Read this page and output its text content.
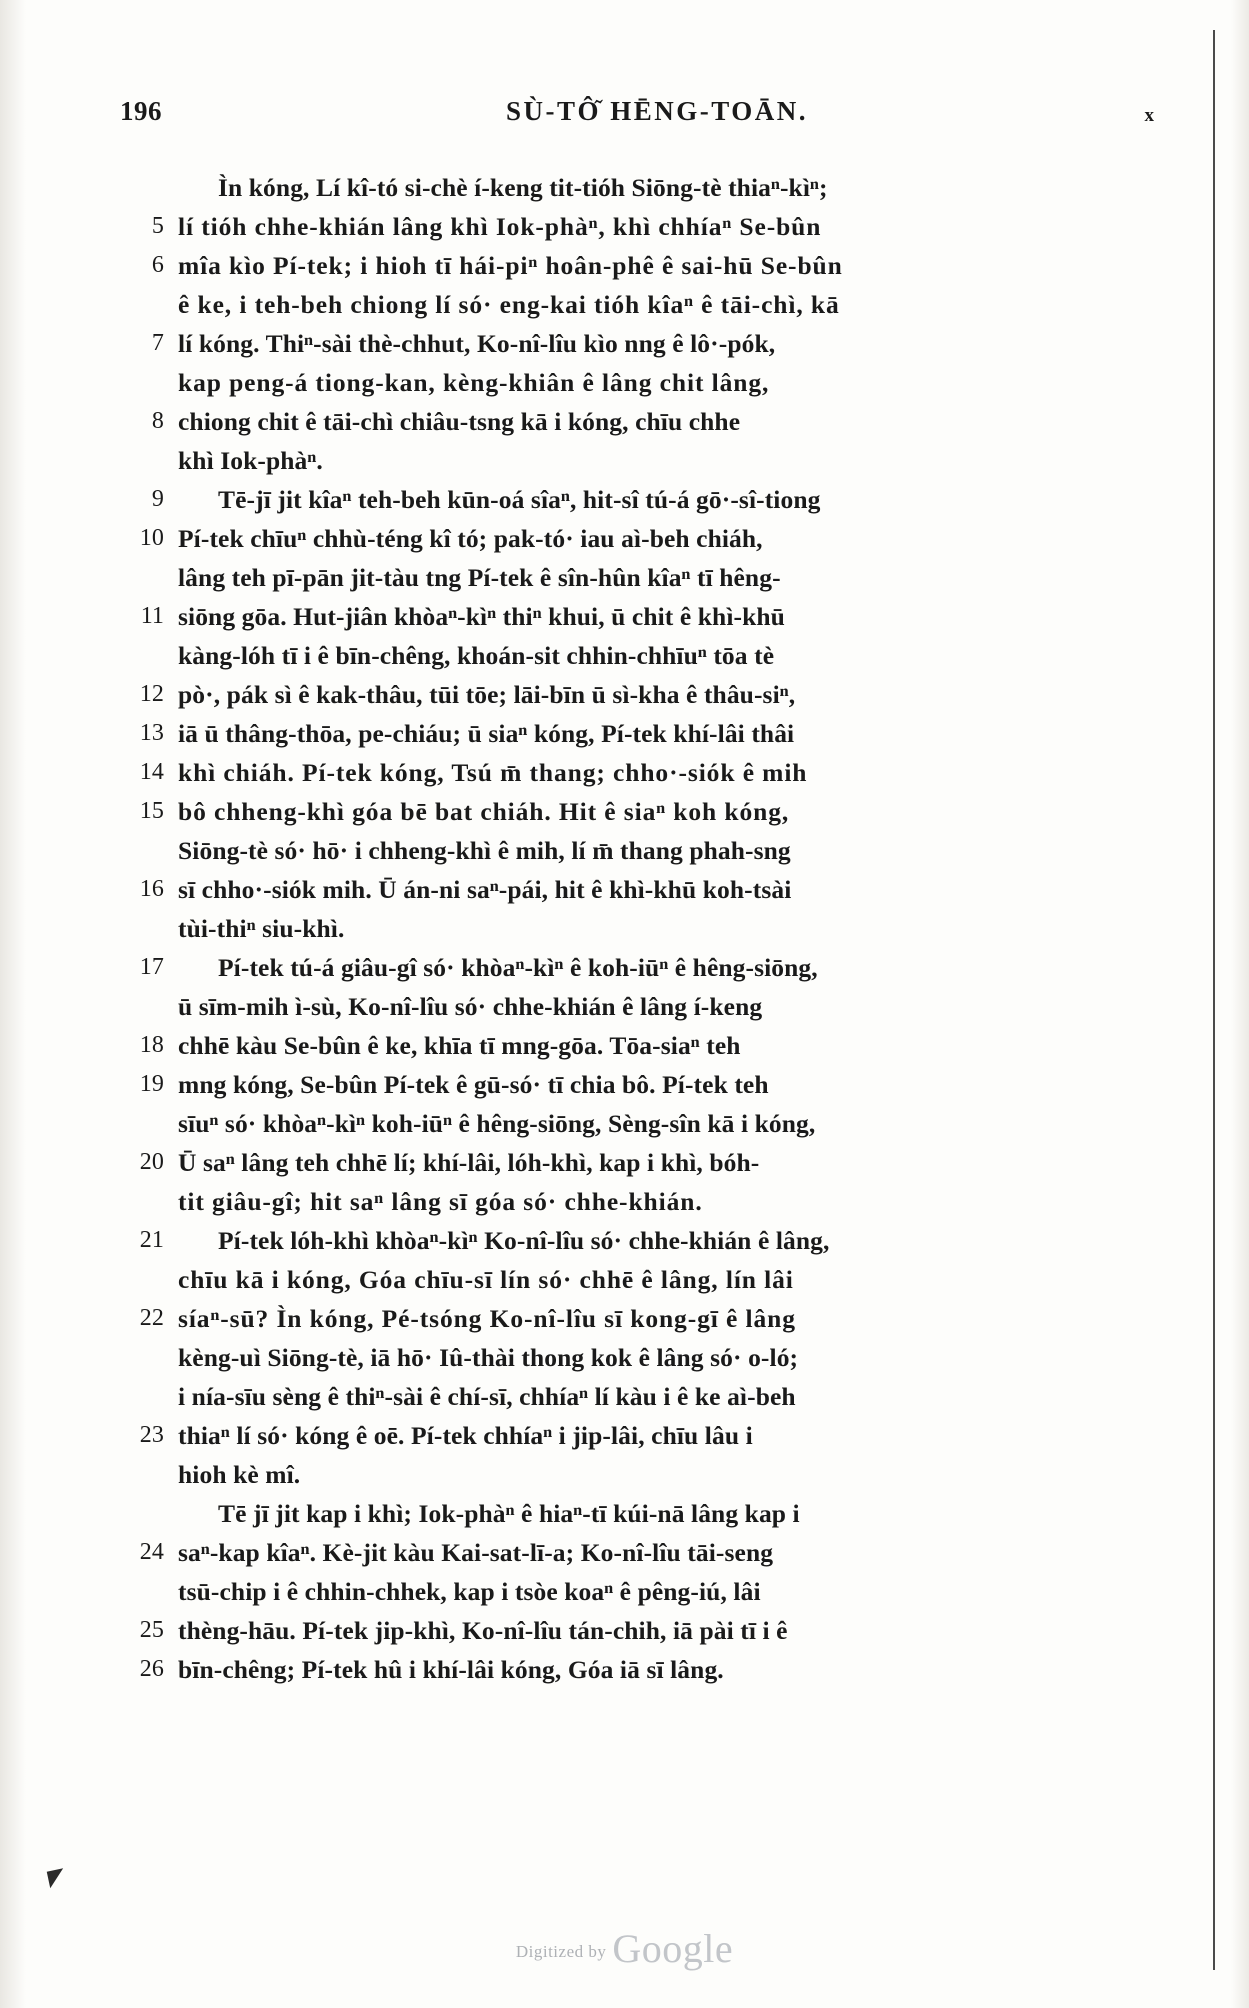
196	SÙ-TÔ᷉ HĒNG-TOĀN.	x
Ìn kóng, Lí kî-tó si-chè í-keng tit-tióh Siōng-tè thiaⁿ-kìⁿ;
5 lí tióh chhe-khián lâng khì Iok-phàⁿ, khì chhíaⁿ Se-bûn
6 mîa kìo Pí-tek; i hioh tī hái-piⁿ hoân-phê ê sai-hū Se-bûn
ê ke, i teh-beh chiong lí só· eng-kai tióh kîaⁿ ê tāi-chì, kā
7 lí kóng. Thiⁿ-sài thè-chhut, Ko-nî-lîu kìo nng ê lô·-pók,
kap peng-á tiong-kan, kèng-khiân ê lâng chit lâng,
8 chiong chit ê tāi-chì chiâu-tsng kā i kóng, chīu chhe
khì Iok-phàⁿ.
9	Tē-jī jit kîaⁿ teh-beh kūn-oá sîaⁿ, hit-sî tú-á gō·-sî-tiong
10 Pí-tek chīuⁿ chhù-téng kî tó; pak-tó· iau aì-beh chiáh,
lâng teh pī-pān jit-tàu tng Pí-tek ê sîn-hûn kîaⁿ tī hêng-
11 siōng gōa. Hut-jiân khòaⁿ-kìⁿ thiⁿ khui, ū chit ê khì-khū
kàng-lóh tī i ê bīn-chêng, khoán-sit chhin-chhīuⁿ tōa tè
12 pò·, pák sì ê kak-thâu, tūi tōe; lāi-bīn ū sì-kha ê thâu-siⁿ,
13 iā ū thâng-thōa, pe-chiáu; ū siaⁿ kóng, Pí-tek khí-lâi thâi
14 khì chiáh. Pí-tek kóng, Tsú m̄ thang; chho·-siók ê mih
15 bô chheng-khì góa bē bat chiáh. Hit ê siaⁿ koh kóng,
Siōng-tè só· hō· i chheng-khì ê mih, lí m̄ thang phah-sng
16 sī chho·-siók mih. Ū án-ni saⁿ-pái, hit ê khì-khū koh-tsài
tùi-thiⁿ siu-khì.
17	Pí-tek tú-á giâu-gî só· khòaⁿ-kìⁿ ê koh-iūⁿ ê hêng-siōng,
ū sīm-mih ì-sù, Ko-nî-lîu só· chhe-khián ê lâng í-keng
18 chhē kàu Se-bûn ê ke, khīa tī mng-gōa. Tōa-siaⁿ teh
19 mng kóng, Se-bûn Pí-tek ê gū-só· tī chia bô. Pí-tek teh
sīuⁿ só· khòaⁿ-kìⁿ koh-iūⁿ ê hêng-siōng, Sèng-sîn kā i kóng,
20 Ū saⁿ lâng teh chhē lí; khí-lâi, lóh-khì, kap i khì, bóh-
tit giâu-gî; hit saⁿ lâng sī góa só· chhe-khián.
21	Pí-tek lóh-khì khòaⁿ-kìⁿ Ko-nî-lîu só· chhe-khián ê lâng,
chīu kā i kóng, Góa chīu-sī lín só· chhē ê lâng, lín lâi
22 síaⁿ-sū? Ìn kóng, Pé-tsóng Ko-nî-lîu sī kong-gī ê lâng
kèng-uì Siōng-tè, iā hō· Iû-thài thong kok ê lâng só· o-ló;
i nía-sīu sèng ê thiⁿ-sài ê chí-sī, chhíaⁿ lí kàu i ê ke aì-beh
23 thiaⁿ lí só· kóng ê oē. Pí-tek chhíaⁿ i jip-lâi, chīu lâu i
hioh kè mî.
Tē jī jit kap i khì; Iok-phàⁿ ê hiaⁿ-tī kúi-nā lâng kap i
24 saⁿ-kap kîaⁿ. Kè-jit kàu Kai-sat-lī-a; Ko-nî-lîu tāi-seng
tsū-chip i ê chhin-chhek, kap i tsòe koaⁿ ê pêng-iú, lâi
25 thèng-hāu. Pí-tek jip-khì, Ko-nî-lîu tán-chih, iā pài tī i ê
26 bīn-chêng; Pí-tek hû i khí-lâi kóng, Góa iā sī lâng.
◤
Digitized by Google
